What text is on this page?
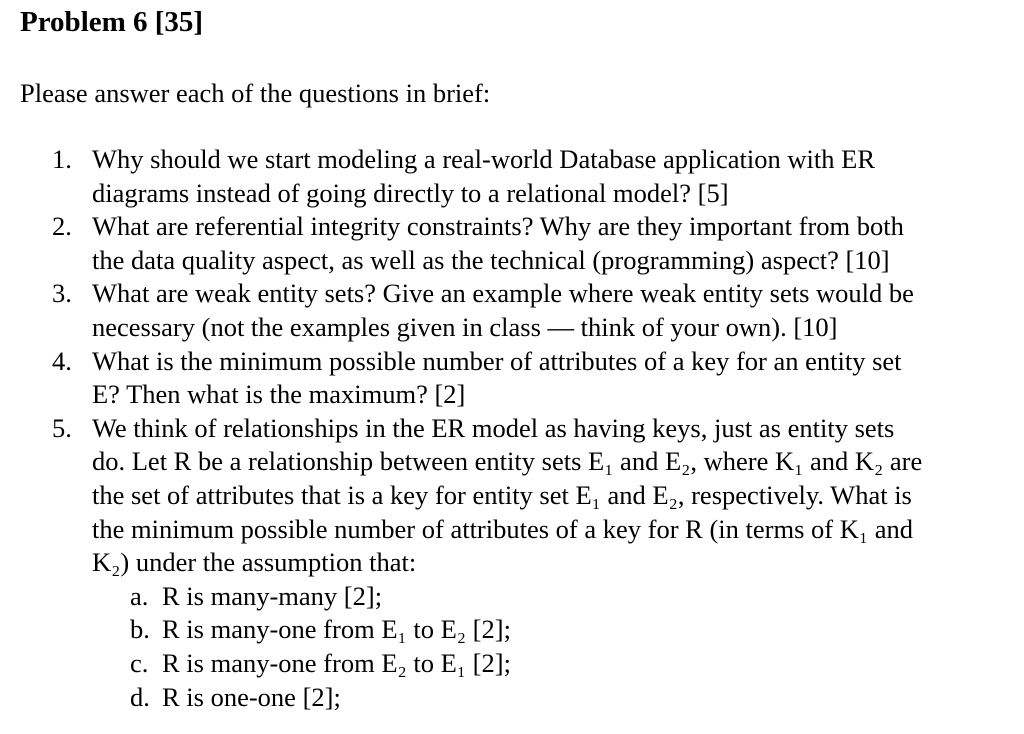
Problem 6 [35]
Please answer each of the questions in brief:
1. Why should we start modeling a real-world Database application with ER
diagrams instead of going directly to a relational model? [5]
2. What are referential integrity constraints? Why are they important from both
the data quality aspect, as well as the technical (programming) aspect? [10]
3. What are weak entity sets? Give an example where weak entity sets would be
necessary (not the examples given in class — think of your own). [10]
4. What is the minimum possible number of attributes of a key for an entity set
E? Then what is the maximum? [2]
5. We think of relationships in the ER model as having keys, just as entity sets
do. Let R be a relationship between entity sets E₁ and E₂, where K₁ and K₂ are
the set of attributes that is a key for entity set E₁ and E₂, respectively. What is
the minimum possible number of attributes of a key for R (in terms of K₁ and
K₂) under the assumption that:
a. R is many-many [2];
b. R is many-one from E₁ to E₂ [2];
c. R is many-one from E₂ to E₁ [2];
d. R is one-one [2];
